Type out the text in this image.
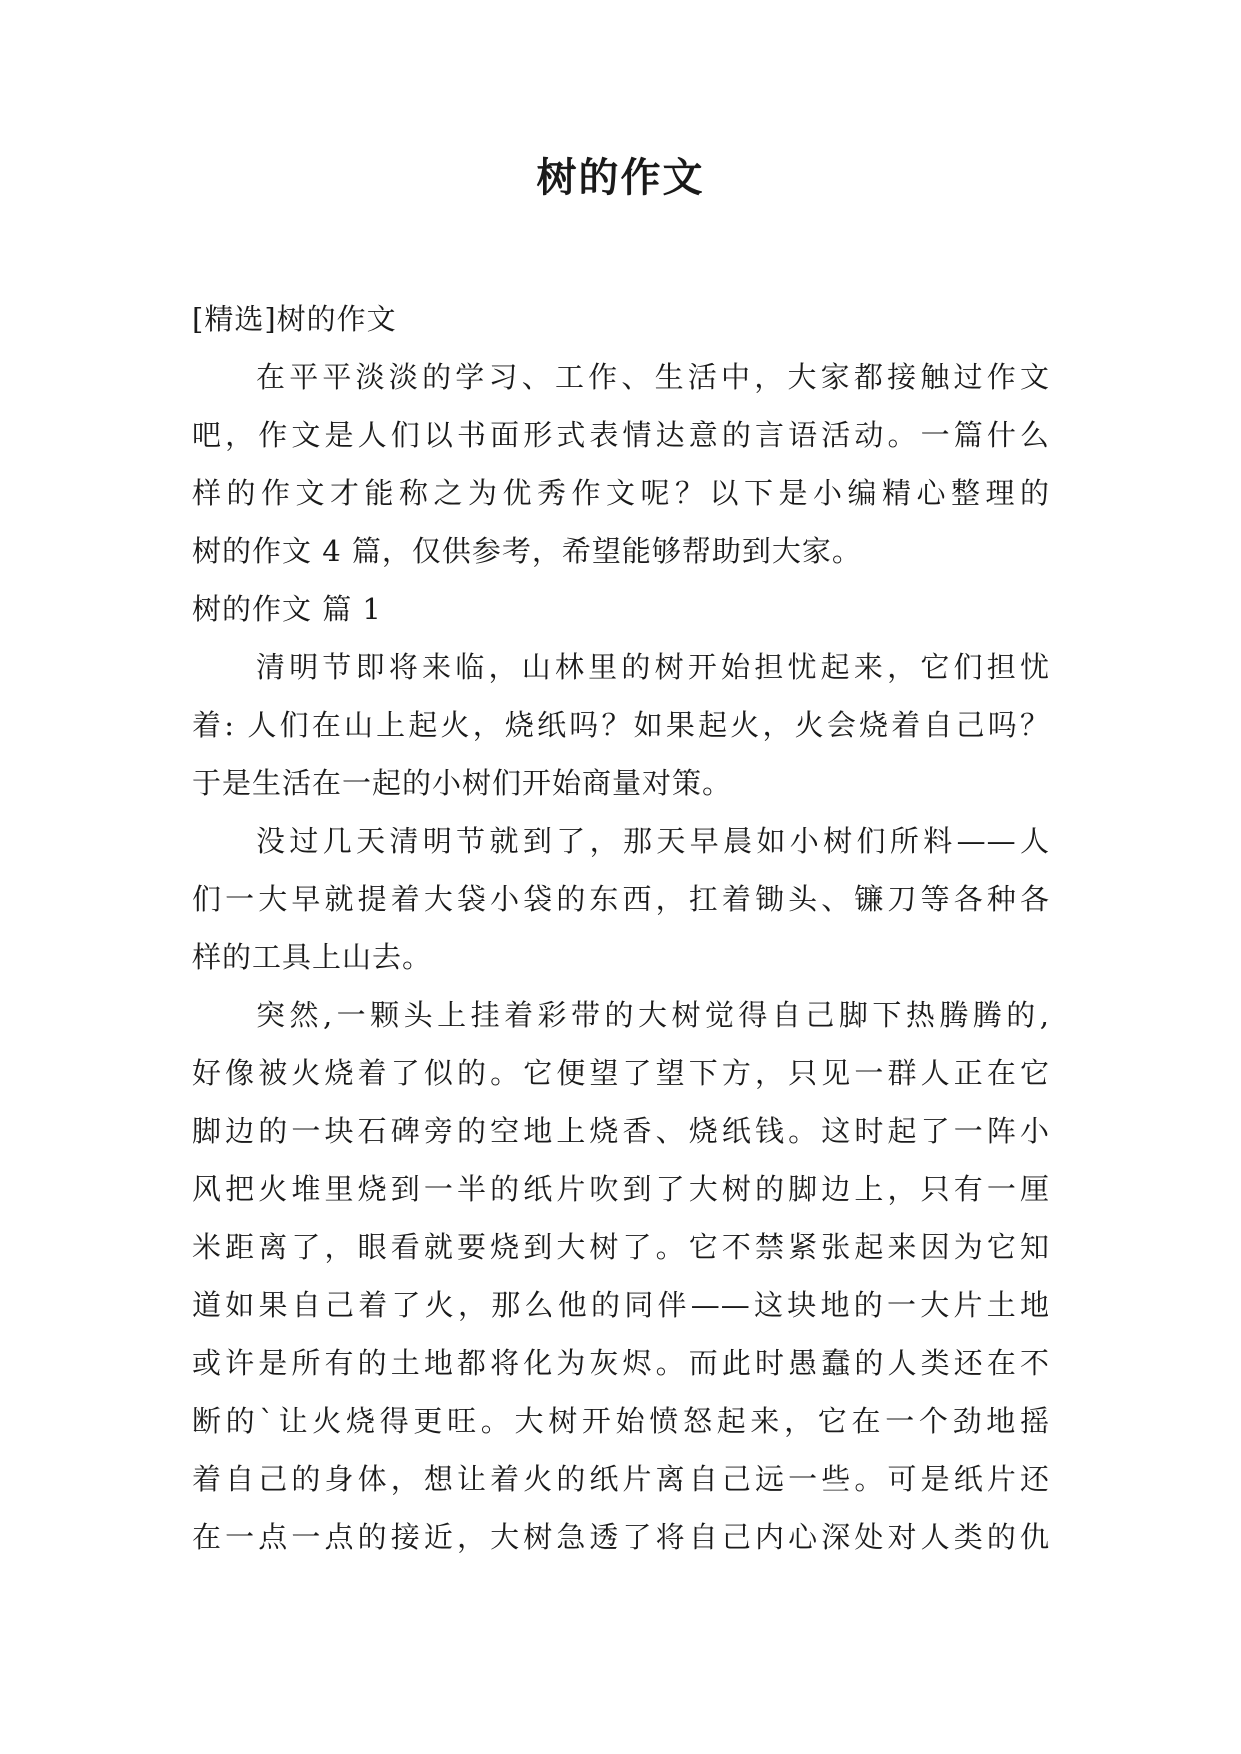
树的作文
[精选]树的作文
在平平淡淡的学习、工作、生活中，大家都接触过作文
吧，作文是人们以书面形式表情达意的言语活动。一篇什么
样的作文才能称之为优秀作文呢？以下是小编精心整理的
树的作文 4 篇，仅供参考，希望能够帮助到大家。
树的作文 篇 1
清明节即将来临，山林里的树开始担忧起来，它们担忧
着: 人们在山上起火，烧纸吗？如果起火，火会烧着自己吗？
于是生活在一起的小树们开始商量对策。
没过几天清明节就到了，那天早晨如小树们所料——人
们一大早就提着大袋小袋的东西，扛着锄头、镰刀等各种各
样的工具上山去。
突然,一颗头上挂着彩带的大树觉得自己脚下热腾腾的,
好像被火烧着了似的。它便望了望下方，只见一群人正在它
脚边的一块石碑旁的空地上烧香、烧纸钱。这时起了一阵小
风把火堆里烧到一半的纸片吹到了大树的脚边上，只有一厘
米距离了，眼看就要烧到大树了。它不禁紧张起来因为它知
道如果自己着了火，那么他的同伴——这块地的一大片土地
或许是所有的土地都将化为灰烬。而此时愚蠢的人类还在不
断的`让火烧得更旺。大树开始愤怒起来，它在一个劲地摇
着自己的身体，想让着火的纸片离自己远一些。可是纸片还
在一点一点的接近，大树急透了将自己内心深处对人类的仇
